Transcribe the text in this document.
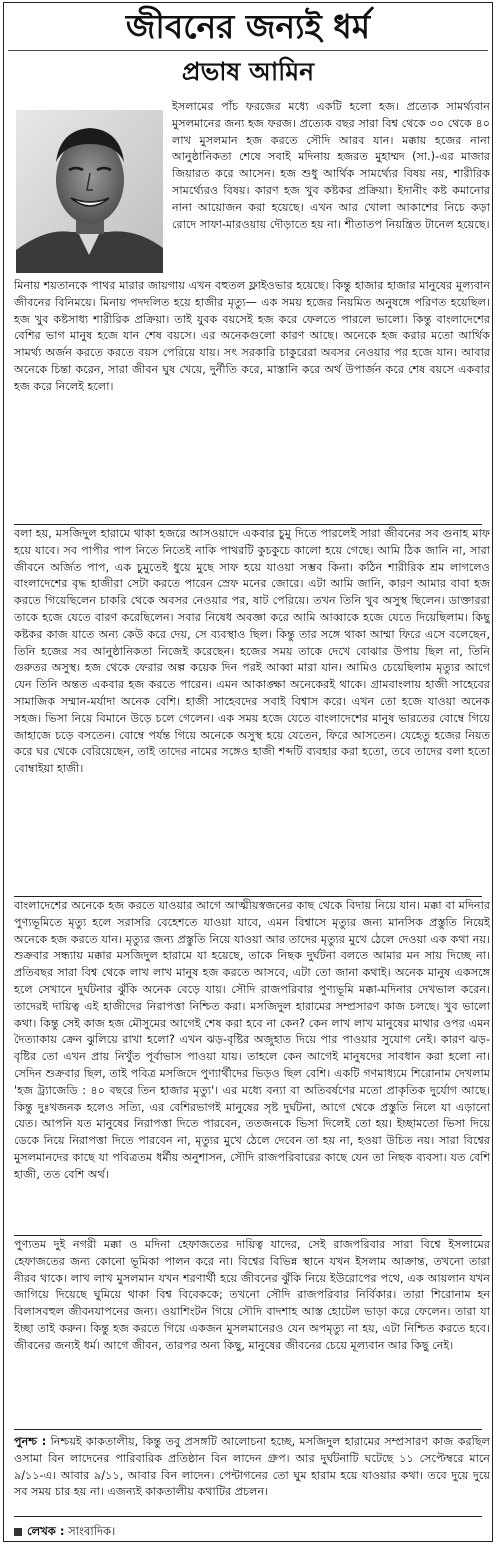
জীবনের জন্যই ধর্ম
প্রভাষ আমিন
ইসলামের পাঁচ ফরজের মধ্যে একটি হলো হজ। প্রত্যেক সামর্থ্যবান মুসলমানের জন্য হজ ফরজ। প্রত্যেক বছর সারা বিশ্ব থেকে ৩০ থেকে ৪০ লাখ মুসলমান হজ করতে সৌদি আরব যান। মক্কায় হজের নানা আনুষ্ঠানিকতা শেষে সবাই মদিনায় হজরত মুহাম্মদ (সা.)-এর মাজার জিয়ারত করে আসেন। হজ শুধু আর্থিক সামর্থ্যের বিষয় নয়, শারীরিক সামর্থ্যেরও বিষয়। কারণ হজ খুব কষ্টকর প্রক্রিয়া। ইদানীং কষ্ট কমানোর নানা আয়োজন করা হয়েছে। এখন আর খোলা আকাশের নিচে কড়া রোদে সাফা-মারওয়ায় দৌড়াতে হয় না। শীতাতপ নিয়ন্ত্রিত টানেল হয়েছে।
মিনায় শয়তানকে পাথর মারার জায়গায় এখন বহুতল ফ্লাইওভার হয়েছে। কিন্তু হাজার হাজার মানুষের মূল্যবান জীবনের বিনিময়ে। মিনায় পদদলিত হয়ে হাজীর মৃত্যু— এক সময় হজের নিয়মিত অনুষঙ্গে পরিণত হয়েছিল। হজ খুব কষ্টসাধ্য শারীরিক প্রক্রিয়া। তাই যুবক বয়সেই হজ করে ফেলতে পারলে ভালো। কিন্তু বাংলাদেশের বেশির ভাগ মানুষ হজে যান শেষ বয়সে। এর অনেকগুলো কারণ আছে। অনেকে হজ করার মতো আর্থিক সামর্থ্য অর্জন করতে করতে বয়স পেরিয়ে যায়। সৎ সরকারি চাকুরেরা অবসর নেওয়ার পর হজে যান। আবার অনেকে চিন্তা করেন, সারা জীবন ঘুষ খেয়ে, দুর্নীতি করে, মাস্তানি করে অর্থ উপার্জন করে শেষ বয়সে একবার হজ করে নিলেই হলো।
বলা হয়, মসজিদুল হারামে থাকা হজরে আসওয়াদে একবার চুমু দিতে পারলেই সারা জীবনের সব গুনাহ মাফ হয়ে যাবে। সব পাপীর পাপ নিতে নিতেই নাকি পাথরটি কুচকুচে কালো হয়ে গেছে। আমি ঠিক জানি না, সারা জীবনে অর্জিত পাপ, এক চুমুতেই ধুয়ে মুছে সাফ হয়ে যাওয়া সম্ভব কিনা। কঠিন শারীরিক শ্রম লাগলেও বাংলাদেশের বৃদ্ধ হাজীরা সেটা করতে পারেন স্রেফ মনের জোরে। এটা আমি জানি, কারণ আমার বাবা হজ করতে গিয়েছিলেন চাকরি থেকে অবসর নেওয়ার পর, ষাট পেরিয়ে। তখন তিনি খুব অসুস্থ ছিলেন। ডাক্তাররা তাকে হজে যেতে বারণ করেছিলেন। সবার নিষেধ অবজ্ঞা করে আমি আব্বাকে হজে যেতে দিয়েছিলাম। কিছু কষ্টকর কাজ যাতে অন্য কেউ করে দেয়, সে ব্যবস্থাও ছিল। কিন্তু তার সঙ্গে থাকা আম্মা ফিরে এসে বলেছেন, তিনি হজের সব আনুষ্ঠানিকতা নিজেই করেছেন। হজের সময় তাকে দেখে বোঝার উপায় ছিল না, তিনি গুরুতর অসুস্থ। হজ থেকে ফেরার অল্প কয়েক দিন পরই আব্বা মারা যান। আমিও চেয়েছিলাম মৃত্যুর আগে যেন তিনি অন্তত একবার হজ করতে পারেন। এমন আকাঙ্ক্ষা অনেকেরই থাকে। গ্রামবাংলায় হাজী সাহেবের সামাজিক সম্মান-মর্যাদা অনেক বেশি। হাজী সাহেবদের সবাই বিশ্বাস করে। এখন তো হজে যাওয়া অনেক সহজ। ভিসা নিয়ে বিমানে উড়ে চলে গেলেন। এক সময় হজে যেতে বাংলাদেশের মানুষ ভারতের বোম্বে গিয়ে জাহাজে চড়ে বসতেন। বোম্বে পর্যন্ত গিয়ে অনেকে অসুস্থ হয়ে যেতেন, ফিরে আসতেন। যেহেতু হজের নিয়ত করে ঘর থেকে বেরিয়েছেন, তাই তাদের নামের সঙ্গেও হাজী শব্দটি ব্যবহার করা হতো, তবে তাদের বলা হতো বোম্বাইয়া হাজী।
বাংলাদেশের অনেকে হজ করতে যাওয়ার আগে আত্মীয়স্বজনের কাছ থেকে বিদায় নিয়ে যান। মক্কা বা মদিনার পুণ্যভূমিতে মৃত্যু হলে সরাসরি বেহেশতে যাওয়া যাবে, এমন বিশ্বাসে মৃত্যুর জন্য মানসিক প্রস্তুতি নিয়েই অনেকে হজ করতে যান। মৃত্যুর জন্য প্রস্তুতি নিয়ে যাওয়া আর তাদের মৃত্যুর মুখে ঠেলে দেওয়া এক কথা নয়। শুক্রবার সন্ধ্যায় মক্কার মসজিদুল হারামে যা হয়েছে, তাকে নিছক দুর্ঘটনা বলতে আমার মন সায় দিচ্ছে না। প্রতিবছর সারা বিশ্ব থেকে লাখ লাখ মানুষ হজ করতে আসবে, এটা তো জানা কথাই। অনেক মানুষ একসঙ্গে হলে সেখানে দুর্ঘটনার ঝুঁকি অনেক বেড়ে যায়। সৌদি রাজপরিবার পুণ্যভূমি মক্কা-মদিনার দেখভাল করেন। তাদেরই দায়িত্ব এই হাজীদের নিরাপত্তা নিশ্চিত করা। মসজিদুল হারামের সম্প্রসারণ কাজ চলছে। খুব ভালো কথা। কিন্তু সেই কাজ হজ মৌসুমের আগেই শেষ করা হবে না কেন? কেন লাখ লাখ মানুষের মাথার ওপর এমন দৈত্যাকায় ক্রেন ঝুলিয়ে রাখা হলো? এখন ঝড়-বৃষ্টির অজুহাত দিয়ে পার পাওয়ার সুযোগ নেই। কারণ ঝড়-বৃষ্টির তো এখন প্রায় নিখুঁত পূর্বাভাস পাওয়া যায়। তাহলে কেন আগেই মানুষদের সাবধান করা হলো না। সেদিন শুক্রবার ছিল, তাই পবিত্র মসজিদে পুণ্যার্থীদের ভিড়ও ছিল বেশি। একটি গণমাধ্যমে শিরোনাম দেখলাম 'হজ ট্র্যাজেডি : ৪০ বছরে তিন হাজার মৃত্যু'। এর মধ্যে বন্যা বা অতিবর্ষণের মতো প্রাকৃতিক দুর্যোগ আছে। কিন্তু দুঃখজনক হলেও সত্যি, এর বেশিরভাগই মানুষের সৃষ্ট দুর্ঘটনা, আগে থেকে প্রস্তুতি নিলে যা এড়ানো যেত। আপনি যত মানুষের নিরাপত্তা দিতে পারবেন, ততজনকে ভিসা দিলেই তো হয়। ইচ্ছামতো ভিসা দিয়ে ডেকে নিয়ে নিরাপত্তা দিতে পারবেন না, মৃত্যুর মুখে ঠেলে দেবেন তা হয় না, হওয়া উচিত নয়। সারা বিশ্বের মুসলমানদের কাছে যা পবিত্রতম ধর্মীয় অনুশাসন, সৌদি রাজপরিবারের কাছে যেন তা নিছক ব্যবসা। যত বেশি হাজী, তত বেশি অর্থ।
পুণ্যতম দুই নগরী মক্কা ও মদিনা হেফাজতের দায়িত্ব যাদের, সেই রাজপরিবার সারা বিশ্বে ইসলামের হেফাজতের জন্য কোনো ভূমিকা পালন করে না। বিশ্বের বিভিন্ন স্থানে যখন ইসলাম আক্রান্ত, তখনো তারা নীরব থাকে। লাখ লাখ মুসলমান যখন শরণার্থী হয়ে জীবনের ঝুঁকি নিয়ে ইউরোপের পথে, এক আয়লান যখন জাগিয়ে দিয়েছে ঘুমিয়ে থাকা বিশ্ব বিবেককে; তখনো সৌদি রাজপরিবার নির্বিকার। তারা শিরোনাম হন বিলাসবহুল জীবনযাপনের জন্য। ওয়াশিংটন গিয়ে সৌদি বাদশাহ আস্ত হোটেল ভাড়া করে ফেলেন। তারা যা ইচ্ছা তাই করুন। কিন্তু হজ করতে গিয়ে একজন মুসলমানেরও যেন অপমৃত্যু না হয়, এটা নিশ্চিত করতে হবে। জীবনের জন্যই ধর্ম। আগে জীবন, তারপর অন্য কিছু, মানুষের জীবনের চেয়ে মূল্যবান আর কিছু নেই।
পুনশ্চ : নিশ্চয়ই কাকতালীয়, কিন্তু তবু প্রসঙ্গটি আলোচনা হচ্ছে, মসজিদুল হারামের সম্প্রসারণ কাজ করছিল ওসামা বিন লাদেনের পারিবারিক প্রতিষ্ঠান বিন লাদেন গ্রুপ। আর দুর্ঘটনাটি ঘটেছে ১১ সেপ্টেম্বরে মানে ৯/১১-এ। আবার ৯/১১, আবার বিন লাদেন। পেন্টাগনের তো ঘুম হারাম হয়ে যাওয়ার কথা। তবে দুয়ে দুয়ে সব সময় চার হয় না। এজন্যই কাকতালীয় কথাটির প্রচলন।
লেখক : সাংবাদিক।
